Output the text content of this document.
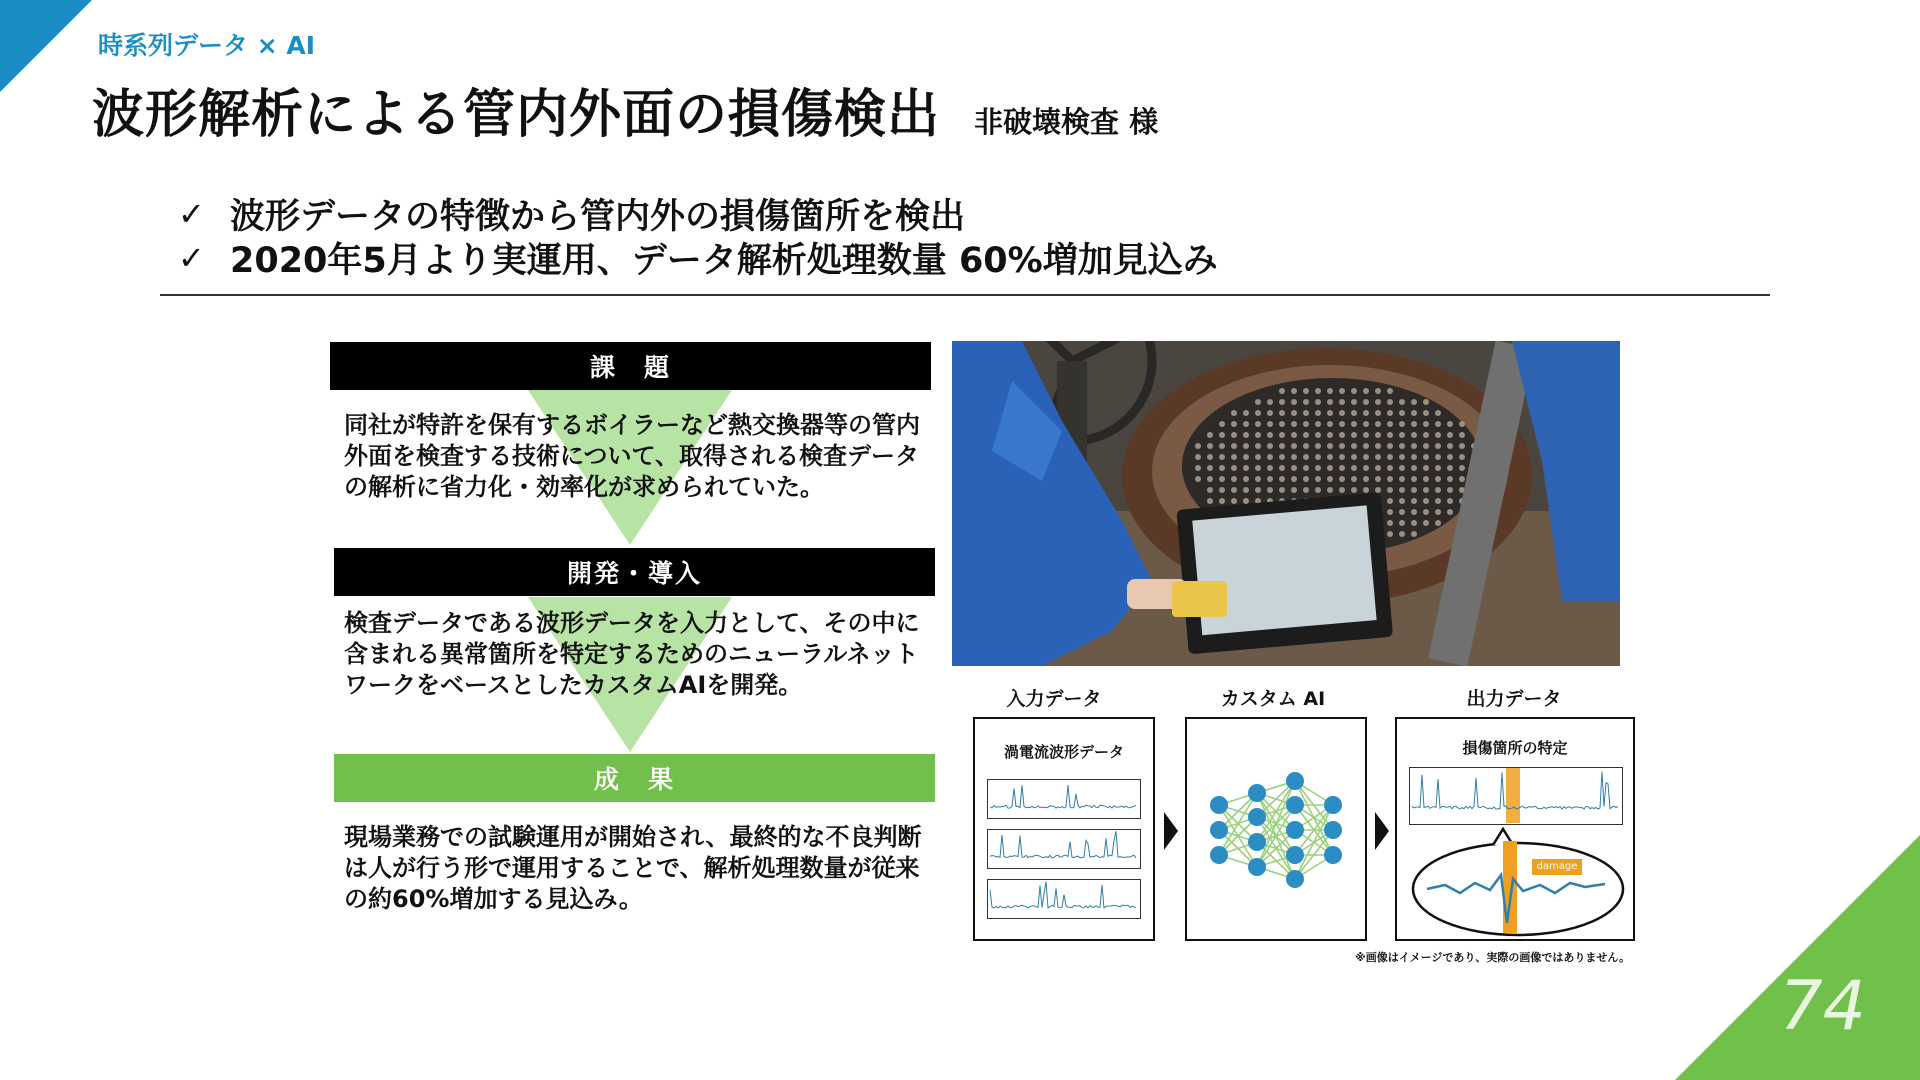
74
時系列データ × AI
波形解析による管内外面の損傷検出 非破壊検査 様
✓ 波形データの特徴から管内外の損傷箇所を検出
✓ 2020年5月より実運用、データ解析処理数量 60%増加見込み
課　題
同社が特許を保有するボイラーなど熱交換器等の管内外面を検査する技術について、取得される検査データの解析に省力化・効率化が求められていた。
開発・導入
検査データである波形データを入力として、その中に含まれる異常箇所を特定するためのニューラルネットワークをベースとしたカスタムAIを開発。
成　果
現場業務での試験運用が開始され、最終的な不良判断は人が行う形で運用することで、解析処理数量が従来の約60%増加する見込み。
入力データ	カスタム AI	出力データ
渦電流波形データ	損傷箇所の特定
damage
※画像はイメージであり、実際の画像ではありません。
